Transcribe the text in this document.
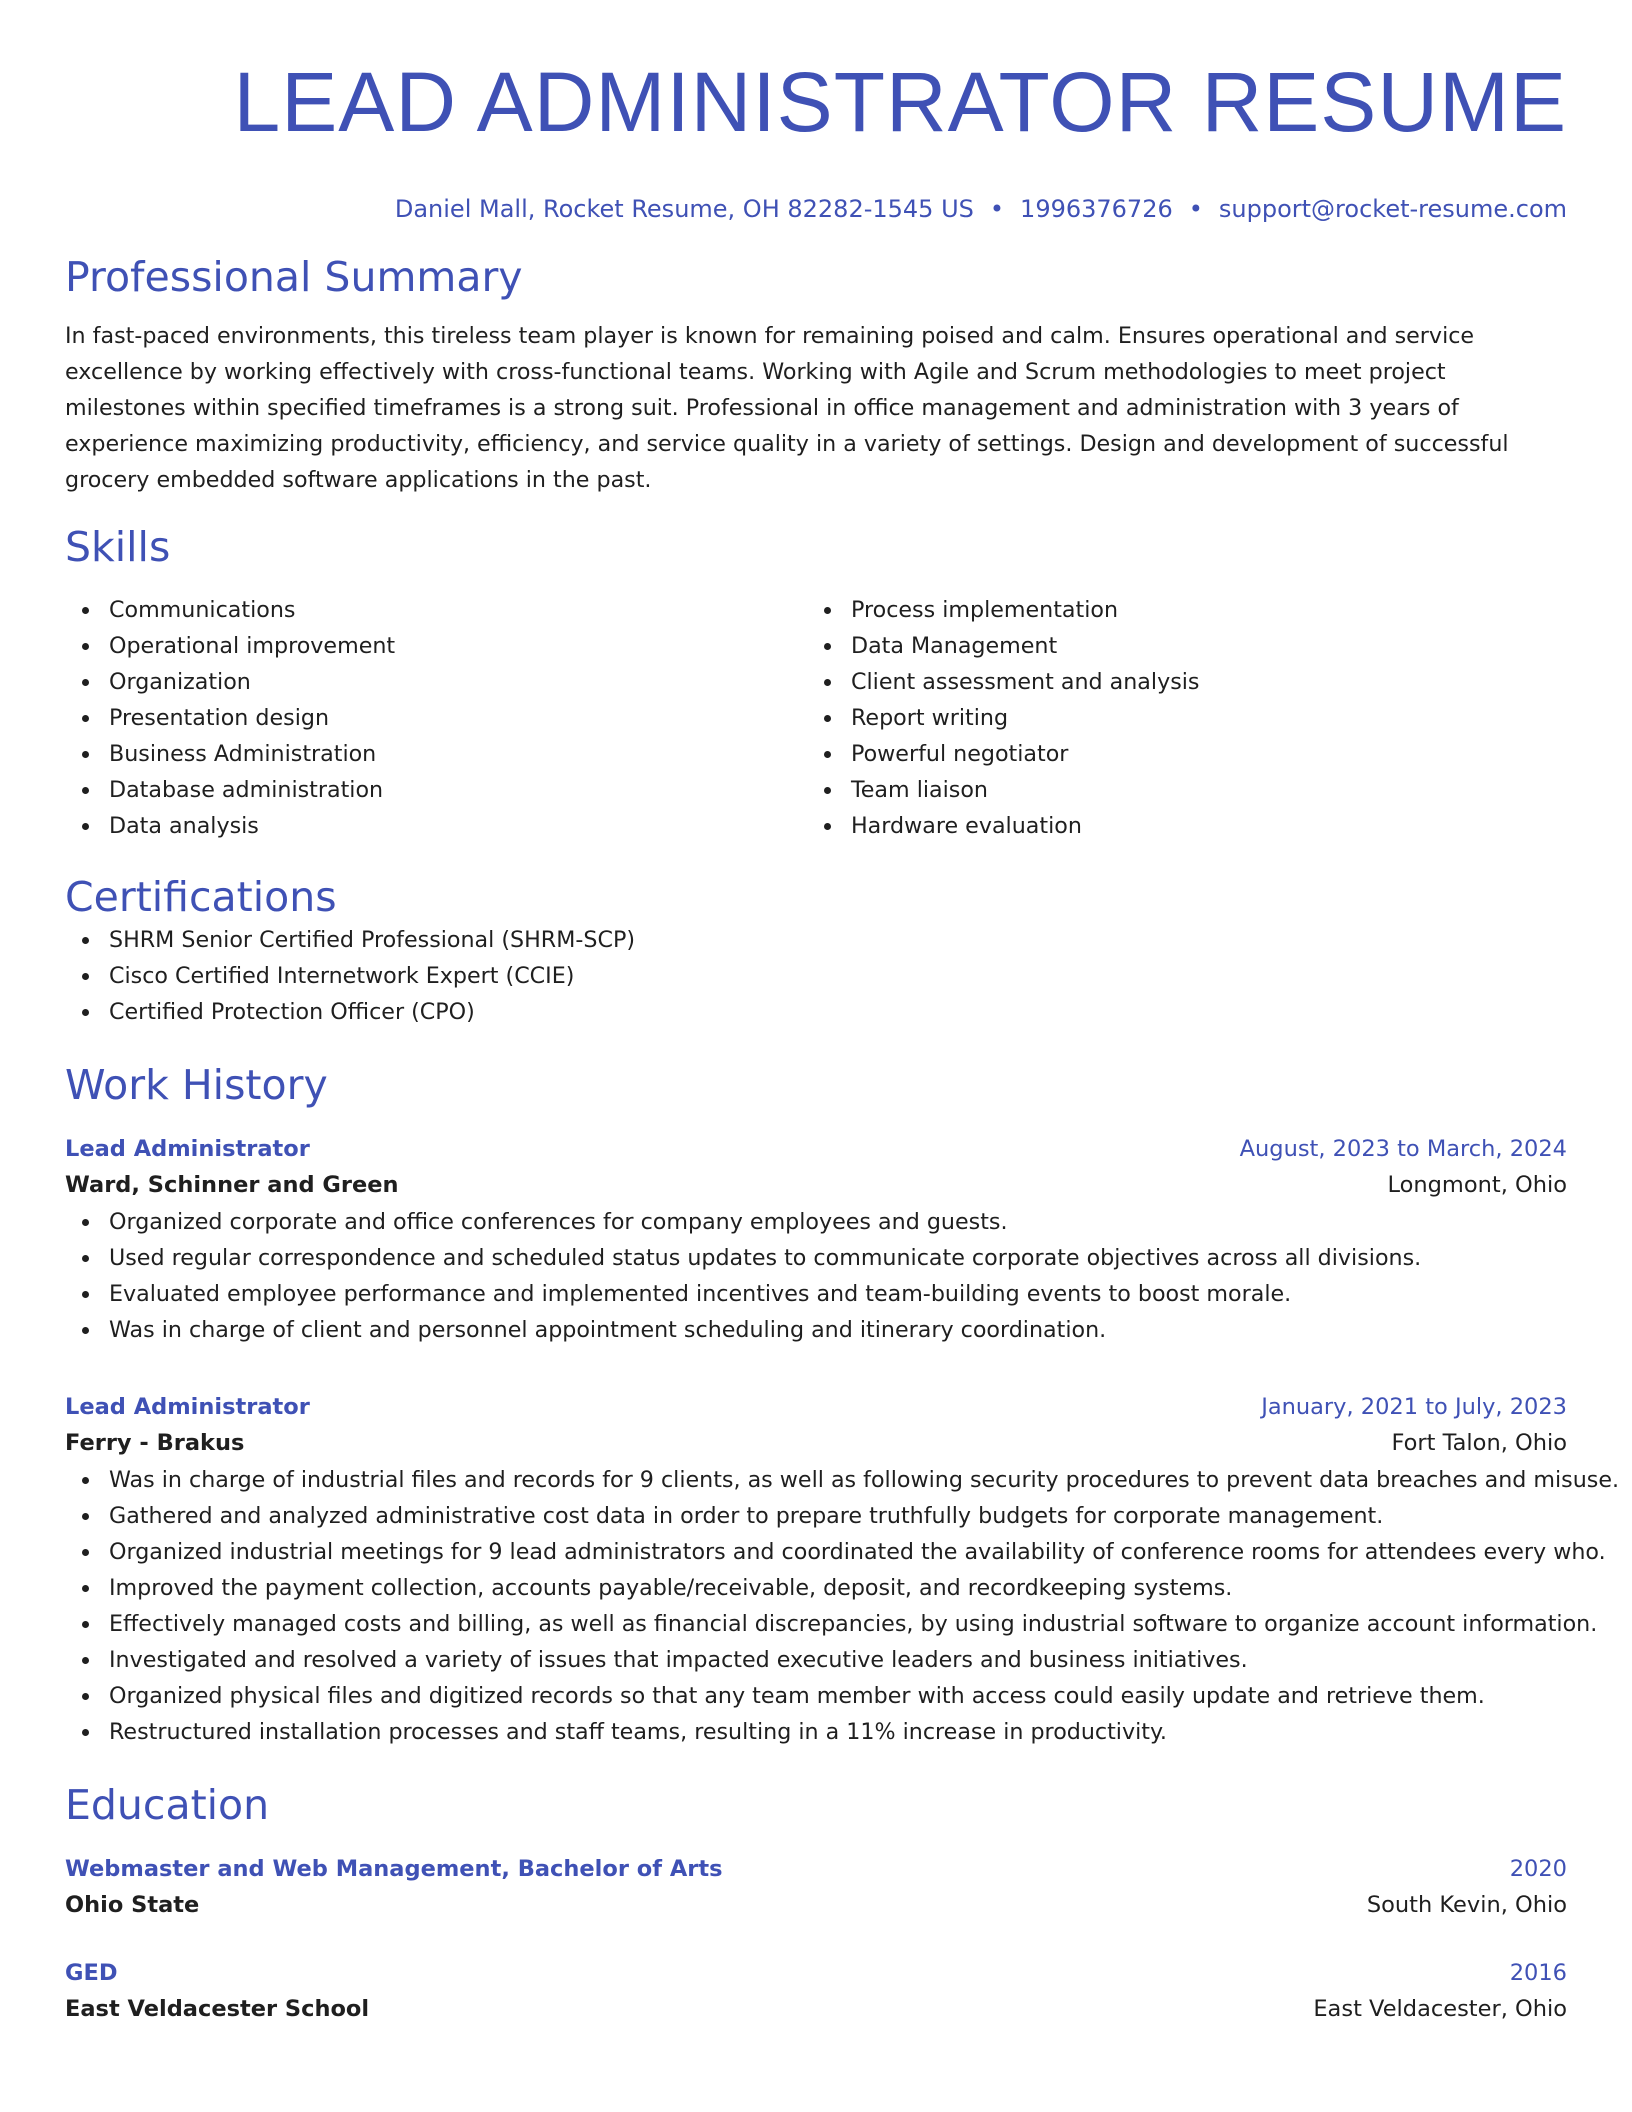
LEAD ADMINISTRATOR RESUME
Daniel Mall, Rocket Resume, OH 82282-1545 US • 1996376726 • support@rocket-resume.com
Professional Summary

In fast-paced environments, this tireless team player is known for remaining poised and calm. Ensures operational and service excellence by working effectively with cross-functional teams. Working with Agile and Scrum methodologies to meet project milestones within specified timeframes is a strong suit. Professional in office management and administration with 3 years of experience maximizing productivity, efficiency, and service quality in a variety of settings. Design and development of successful grocery embedded software applications in the past.

Skills
Communications
Operational improvement
Organization
Presentation design
Business Administration
Database administration
Data analysis
Process implementation
Data Management
Client assessment and analysis
Report writing
Powerful negotiator
Team liaison
Hardware evaluation
Certifications
SHRM Senior Certified Professional (SHRM-SCP)
Cisco Certified Internetwork Expert (CCIE)
Certified Protection Officer (CPO)
Work History
Lead Administrator	August, 2023 to March, 2024
Ward, Schinner and Green	Longmont, Ohio
Organized corporate and office conferences for company employees and guests.
Used regular correspondence and scheduled status updates to communicate corporate objectives across all divisions.
Evaluated employee performance and implemented incentives and team-building events to boost morale.
Was in charge of client and personnel appointment scheduling and itinerary coordination.
Lead Administrator	January, 2021 to July, 2023
Ferry - Brakus	Fort Talon, Ohio
Was in charge of industrial files and records for 9 clients, as well as following security procedures to prevent data breaches and misuse.
Gathered and analyzed administrative cost data in order to prepare truthfully budgets for corporate management.
Organized industrial meetings for 9 lead administrators and coordinated the availability of conference rooms for attendees every who.
Improved the payment collection, accounts payable/receivable, deposit, and recordkeeping systems.
Effectively managed costs and billing, as well as financial discrepancies, by using industrial software to organize account information.
Investigated and resolved a variety of issues that impacted executive leaders and business initiatives.
Organized physical files and digitized records so that any team member with access could easily update and retrieve them.
Restructured installation processes and staff teams, resulting in a 11% increase in productivity.
Education
Webmaster and Web Management, Bachelor of Arts	2020
Ohio State	South Kevin, Ohio
GED	2016
East Veldacester School	East Veldacester, Ohio
